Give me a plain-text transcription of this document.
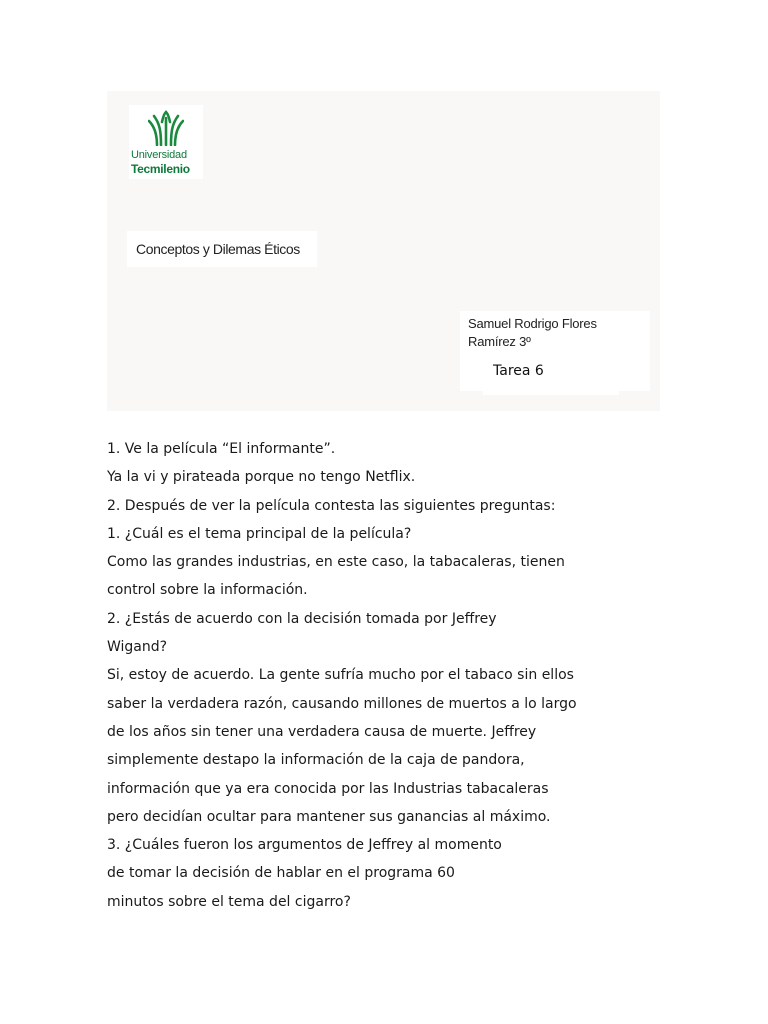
Universidad
Tecmilenio
Conceptos y Dilemas Éticos
Samuel Rodrigo Flores
Ramírez 3º
Tarea 6
1. Ve la película “El informante”.
Ya la vi y pirateada porque no tengo Netflix.
2. Después de ver la película contesta las siguientes preguntas:
1. ¿Cuál es el tema principal de la película?
Como las grandes industrias, en este caso, la tabacaleras, tienen
control sobre la información.
2. ¿Estás de acuerdo con la decisión tomada por Jeffrey
Wigand?
Si, estoy de acuerdo. La gente sufría mucho por el tabaco sin ellos
saber la verdadera razón, causando millones de muertos a lo largo
de los años sin tener una verdadera causa de muerte. Jeffrey
simplemente destapo la información de la caja de pandora,
información que ya era conocida por las Industrias tabacaleras
pero decidían ocultar para mantener sus ganancias al máximo.
3. ¿Cuáles fueron los argumentos de Jeffrey al momento
de tomar la decisión de hablar en el programa 60
minutos sobre el tema del cigarro?
